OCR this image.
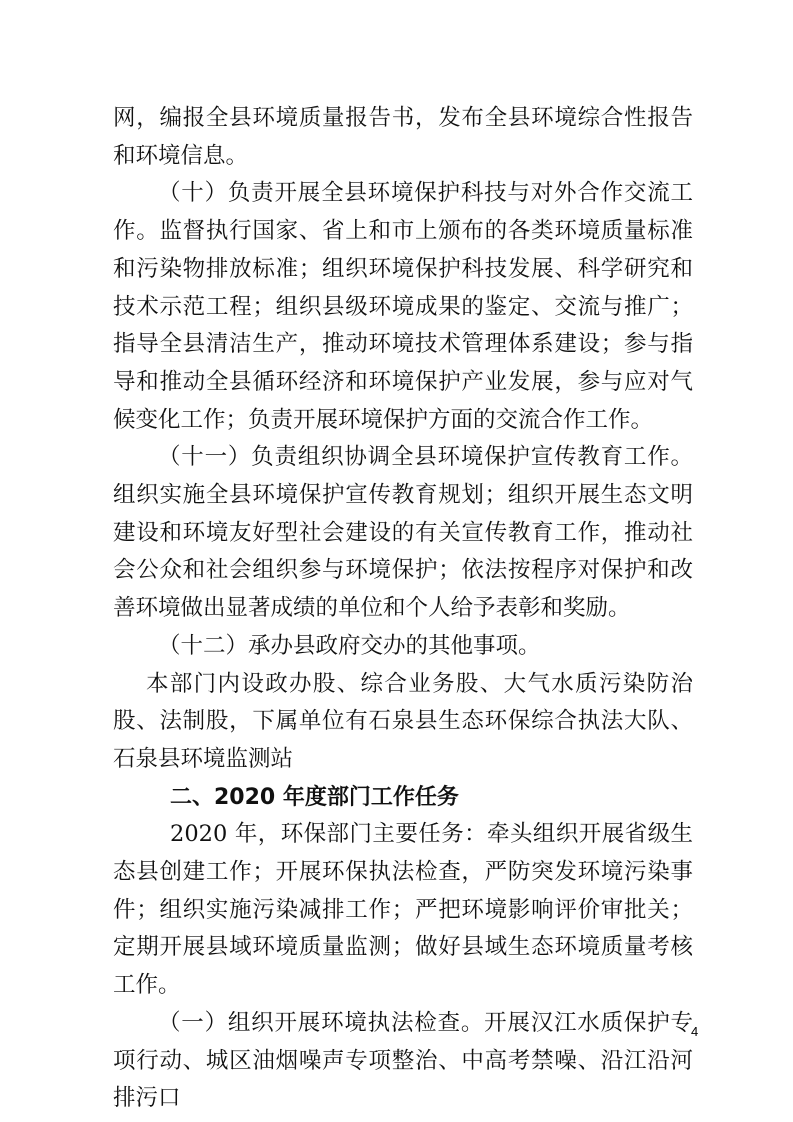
网，编报全县环境质量报告书，发布全县环境综合性报告和环境信息。

（十）负责开展全县环境保护科技与对外合作交流工作。监督执行国家、省上和市上颁布的各类环境质量标准和污染物排放标准；组织环境保护科技发展、科学研究和技术示范工程；组织县级环境成果的鉴定、交流与推广；指导全县清洁生产，推动环境技术管理体系建设；参与指导和推动全县循环经济和环境保护产业发展，参与应对气候变化工作；负责开展环境保护方面的交流合作工作。

（十一）负责组织协调全县环境保护宣传教育工作。组织实施全县环境保护宣传教育规划；组织开展生态文明建设和环境友好型社会建设的有关宣传教育工作，推动社会公众和社会组织参与环境保护；依法按程序对保护和改善环境做出显著成绩的单位和个人给予表彰和奖励。

（十二）承办县政府交办的其他事项。

本部门内设政办股、综合业务股、大气水质污染防治股、法制股，下属单位有石泉县生态环保综合执法大队、石泉县环境监测站

二、2020 年度部门工作任务

2020 年，环保部门主要任务：牵头组织开展省级生态县创建工作；开展环保执法检查，严防突发环境污染事件；组织实施污染减排工作；严把环境影响评价审批关；定期开展县域环境质量监测；做好县域生态环境质量考核工作。

（一）组织开展环境执法检查。开展汉江水质保护专项行动、城区油烟噪声专项整治、中高考禁噪、沿江沿河排污口

4
